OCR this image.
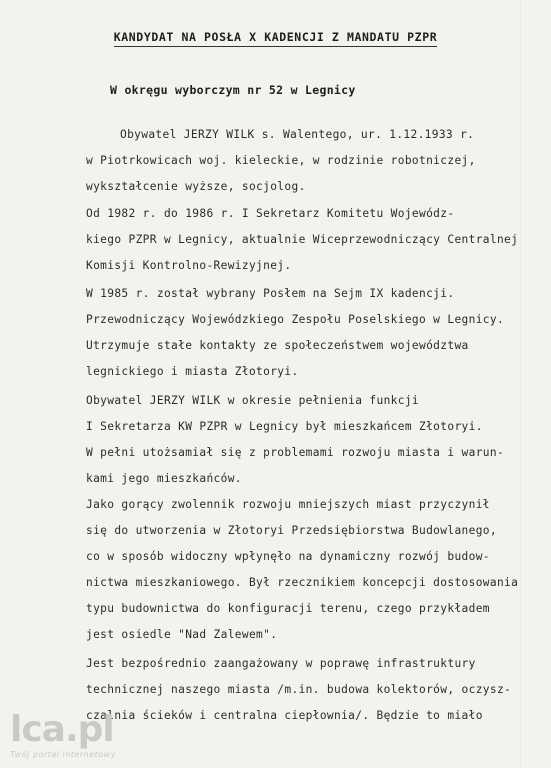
KANDYDAT NA POSŁA X KADENCJI Z MANDATU PZPR
W okręgu wyborczym nr 52 w Legnicy
Obywatel JERZY WILK s. Walentego, ur. 1.12.1933 r.
w Piotrkowicach woj. kieleckie, w rodzinie robotniczej,
wykształcenie wyższe, socjolog.
Od 1982 r. do 1986 r. I Sekretarz Komitetu Wojewódz-
kiego PZPR w Legnicy, aktualnie Wiceprzewodniczący Centralnej
Komisji Kontrolno-Rewizyjnej.
W 1985 r. został wybrany Posłem na Sejm IX kadencji.
Przewodniczący Wojewódzkiego Zespołu Poselskiego w Legnicy.
Utrzymuje stałe kontakty ze społeczeństwem województwa
legnickiego i miasta Złotoryi.
Obywatel JERZY WILK w okresie pełnienia funkcji
I Sekretarza KW PZPR w Legnicy był mieszkańcem Złotoryi.
W pełni utożsamiał się z problemami rozwoju miasta i warun-
kami jego mieszkańców.
Jako gorący zwolennik rozwoju mniejszych miast przyczynił
się do utworzenia w Złotoryi Przedsiębiorstwa Budowlanego,
co w sposób widoczny wpłynęło na dynamiczny rozwój budow-
nictwa mieszkaniowego. Był rzecznikiem koncepcji dostosowania
typu budownictwa do konfiguracji terenu, czego przykładem
jest osiedle "Nad Zalewem".
Jest bezpośrednio zaangażowany w poprawę infrastruktury
technicznej naszego miasta /m.in. budowa kolektorów, oczysz-
czalnia ścieków i centralna ciepłownia/. Będzie to miało
lca.pl
Twój portal internetowy
